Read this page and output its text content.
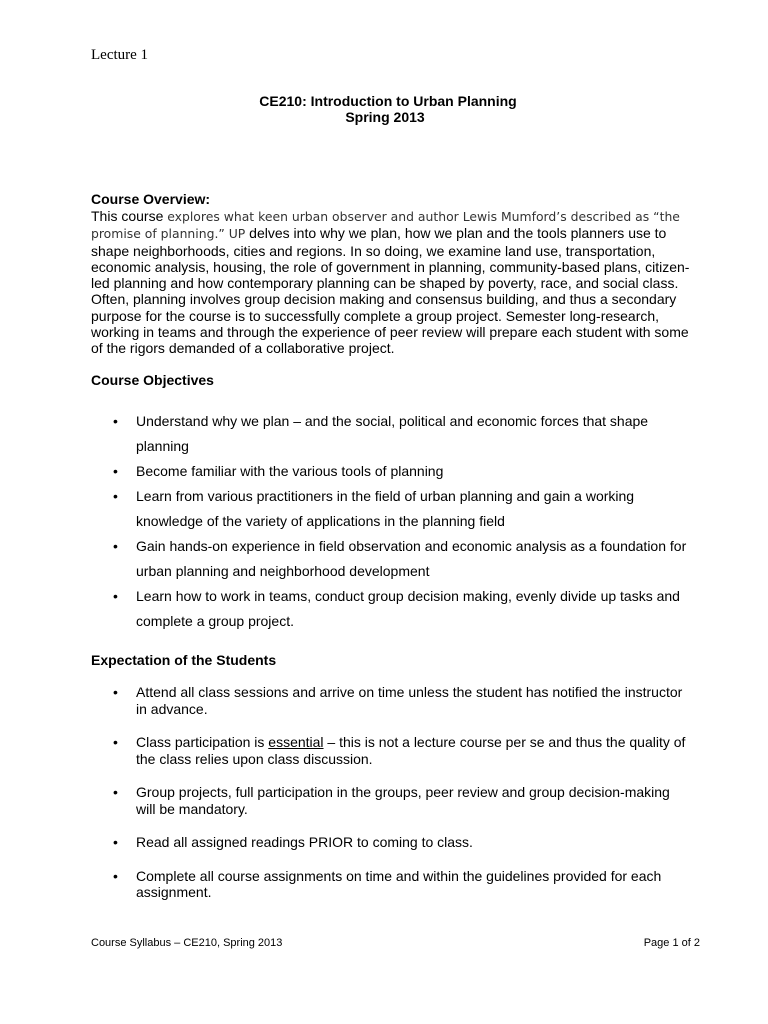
Lecture 1
CE210: Introduction to Urban Planning
Spring 2013
Course Overview:
This course explores what keen urban observer and author Lewis Mumford’s described as “the promise of planning.” UP delves into why we plan, how we plan and the tools planners use to shape neighborhoods, cities and regions. In so doing, we examine land use, transportation, economic analysis, housing, the role of government in planning, community-based plans, citizen-led planning and how contemporary planning can be shaped by poverty, race, and social class. Often, planning involves group decision making and consensus building, and thus a secondary purpose for the course is to successfully complete a group project. Semester long-research, working in teams and through the experience of peer review will prepare each student with some of the rigors demanded of a collaborative project.
Course Objectives
• Understand why we plan – and the social, political and economic forces that shape planning
• Become familiar with the various tools of planning
• Learn from various practitioners in the field of urban planning and gain a working knowledge of the variety of applications in the planning field
• Gain hands-on experience in field observation and economic analysis as a foundation for urban planning and neighborhood development
• Learn how to work in teams, conduct group decision making, evenly divide up tasks and complete a group project.
Expectation of the Students
• Attend all class sessions and arrive on time unless the student has notified the instructor in advance.
• Class participation is essential – this is not a lecture course per se and thus the quality of the class relies upon class discussion.
• Group projects, full participation in the groups, peer review and group decision-making will be mandatory.
• Read all assigned readings PRIOR to coming to class.
• Complete all course assignments on time and within the guidelines provided for each assignment.
Course Syllabus – CE210, Spring 2013	Page 1 of 2
